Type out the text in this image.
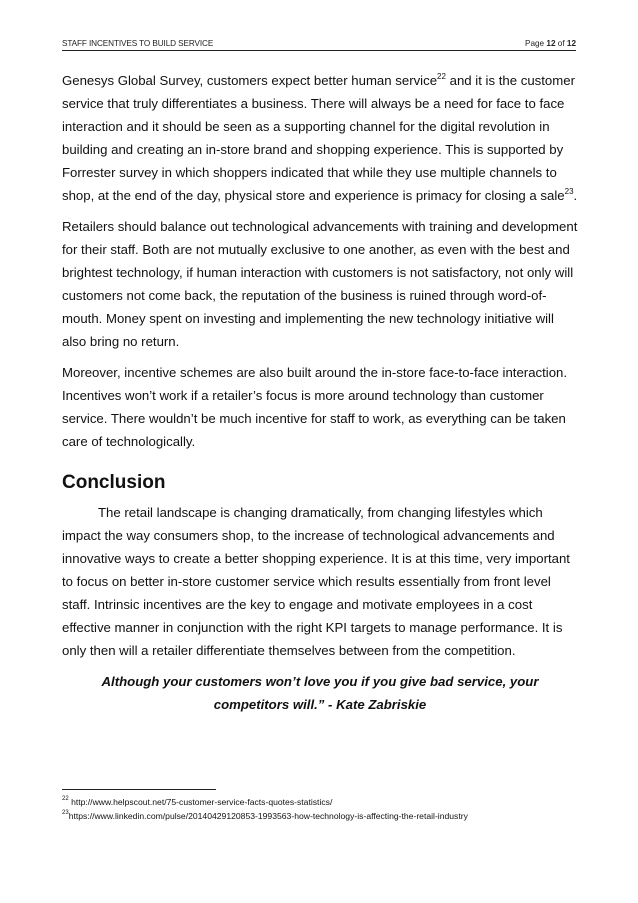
STAFF INCENTIVES TO BUILD SERVICE	Page 12 of 12

Genesys Global Survey, customers expect better human service$^{22}$ and it is the customer service that truly differentiates a business. There will always be a need for face to face interaction and it should be seen as a supporting channel for the digital revolution in building and creating an in-store brand and shopping experience. This is supported by Forrester survey in which shoppers indicated that while they use multiple channels to shop, at the end of the day, physical store and experience is primacy for closing a sale$^{23}$.

Retailers should balance out technological advancements with training and development for their staff. Both are not mutually exclusive to one another, as even with the best and brightest technology, if human interaction with customers is not satisfactory, not only will customers not come back, the reputation of the business is ruined through word-of-mouth. Money spent on investing and implementing the new technology initiative will also bring no return.

Moreover, incentive schemes are also built around the in-store face-to-face interaction. Incentives won’t work if a retailer’s focus is more around technology than customer service. There wouldn’t be much incentive for staff to work, as everything can be taken care of technologically.

Conclusion

The retail landscape is changing dramatically, from changing lifestyles which impact the way consumers shop, to the increase of technological advancements and innovative ways to create a better shopping experience. It is at this time, very important to focus on better in-store customer service which results essentially from front level staff. Intrinsic incentives are the key to engage and motivate employees in a cost effective manner in conjunction with the right KPI targets to manage performance. It is only then will a retailer differentiate themselves between from the competition.

Although your customers won’t love you if you give bad service, your competitors will.” - Kate Zabriskie

$^{22}$ http://www.helpscout.net/75-customer-service-facts-quotes-statistics/
$^{23}$https://www.linkedin.com/pulse/20140429120853-1993563-how-technology-is-affecting-the-retail-industry
